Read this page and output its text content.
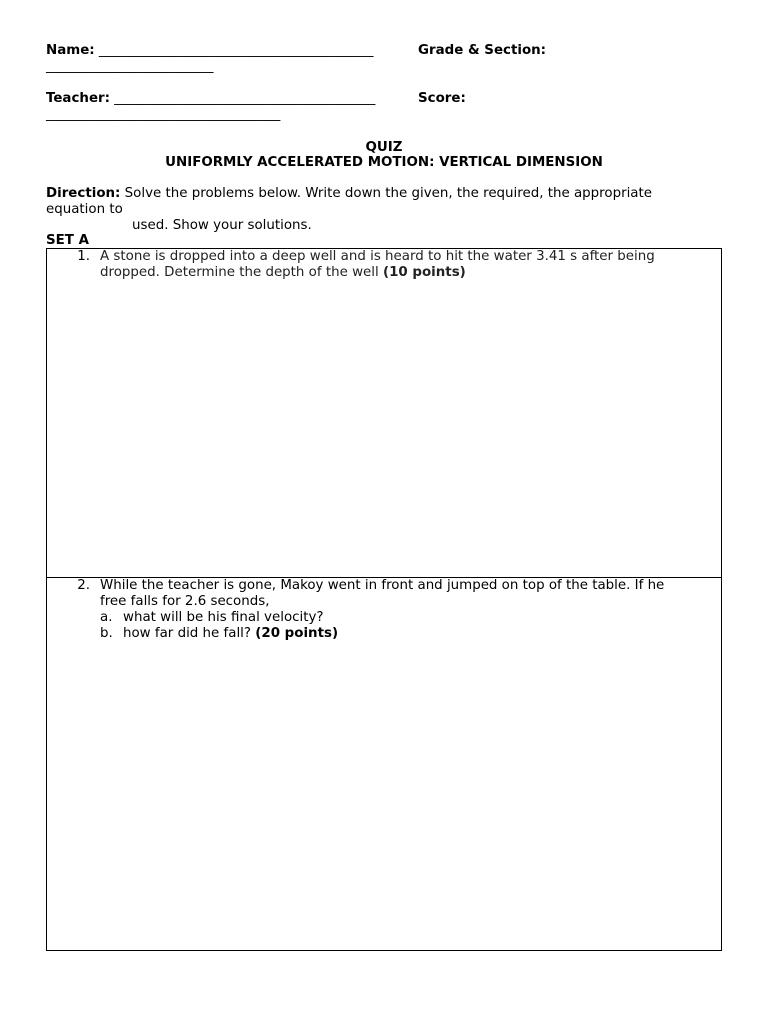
Name: _________________________________________	Grade & Section:
_________________________
Teacher: _______________________________________	Score:
___________________________________
QUIZ
UNIFORMLY ACCELERATED MOTION: VERTICAL DIMENSION
Direction: Solve the problems below. Write down the given, the required, the appropriate
equation to
used. Show your solutions.
SET A
1. A stone is dropped into a deep well and is heard to hit the water 3.41 s after being
dropped. Determine the depth of the well (10 points)
2. While the teacher is gone, Makoy went in front and jumped on top of the table. If he
free falls for 2.6 seconds,
a. what will be his final velocity?
b. how far did he fall? (20 points)
